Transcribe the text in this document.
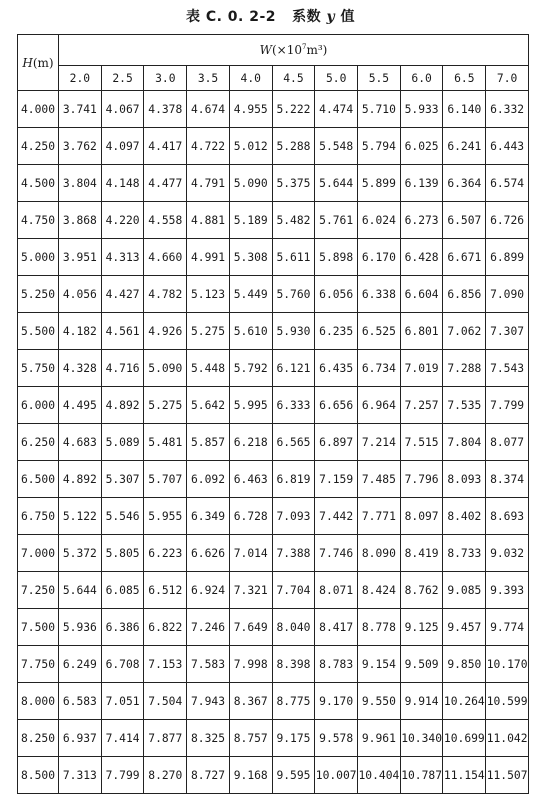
表 C. 0. 2-2 系数 y 值
H(m)	$W(\times 10^7m^3)$										
	2.0	2.5	3.0	3.5	4.0	4.5	5.0	5.5	6.0	6.5	7.0
4.000	3.741	4.067	4.378	4.674	4.955	5.222	4.474	5.710	5.933	6.140	6.332
4.250	3.762	4.097	4.417	4.722	5.012	5.288	5.548	5.794	6.025	6.241	6.443
4.500	3.804	4.148	4.477	4.791	5.090	5.375	5.644	5.899	6.139	6.364	6.574
4.750	3.868	4.220	4.558	4.881	5.189	5.482	5.761	6.024	6.273	6.507	6.726
5.000	3.951	4.313	4.660	4.991	5.308	5.611	5.898	6.170	6.428	6.671	6.899
5.250	4.056	4.427	4.782	5.123	5.449	5.760	6.056	6.338	6.604	6.856	7.090
5.500	4.182	4.561	4.926	5.275	5.610	5.930	6.235	6.525	6.801	7.062	7.307
5.750	4.328	4.716	5.090	5.448	5.792	6.121	6.435	6.734	7.019	7.288	7.543
6.000	4.495	4.892	5.275	5.642	5.995	6.333	6.656	6.964	7.257	7.535	7.799
6.250	4.683	5.089	5.481	5.857	6.218	6.565	6.897	7.214	7.515	7.804	8.077
6.500	4.892	5.307	5.707	6.092	6.463	6.819	7.159	7.485	7.796	8.093	8.374
6.750	5.122	5.546	5.955	6.349	6.728	7.093	7.442	7.771	8.097	8.402	8.693
7.000	5.372	5.805	6.223	6.626	7.014	7.388	7.746	8.090	8.419	8.733	9.032
7.250	5.644	6.085	6.512	6.924	7.321	7.704	8.071	8.424	8.762	9.085	9.393
7.500	5.936	6.386	6.822	7.246	7.649	8.040	8.417	8.778	9.125	9.457	9.774
7.750	6.249	6.708	7.153	7.583	7.998	8.398	8.783	9.154	9.509	9.850	10.170
8.000	6.583	7.051	7.504	7.943	8.367	8.775	9.170	9.550	9.914	10.264	10.599
8.250	6.937	7.414	7.877	8.325	8.757	9.175	9.578	9.961	10.340	10.699	11.042
8.500	7.313	7.799	8.270	8.727	9.168	9.595	10.007	10.404	10.787	11.154	11.507
